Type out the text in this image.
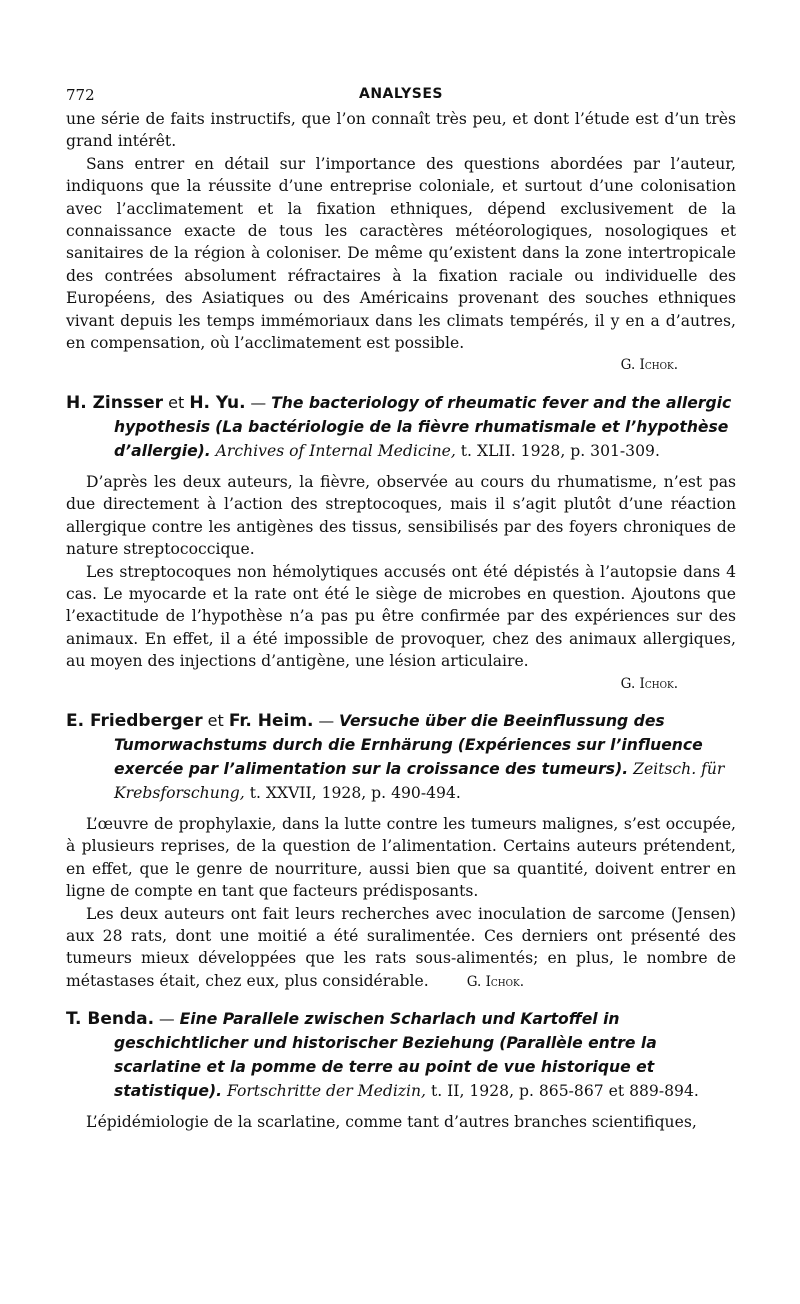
772	ANALYSES

une série de faits instructifs, que l’on connaît très peu, et dont l’étude est d’un très grand intérêt.

Sans entrer en détail sur l’importance des questions abordées par l’auteur, indiquons que la réussite d’une entreprise coloniale, et surtout d’une colonisation avec l’acclimatement et la fixation ethniques, dépend exclusivement de la connaissance exacte de tous les caractères météorologiques, nosologiques et sanitaires de la région à coloniser. De même qu’existent dans la zone intertropicale des contrées absolument réfractaires à la fixation raciale ou individuelle des Européens, des Asiatiques ou des Américains provenant des souches ethniques vivant depuis les temps immémoriaux dans les climats tempérés, il y en a d’autres, en compensation, où l’acclimatement est possible.

G. Ichok.
H. Zinsser et H. Yu. — The bacteriology of rheumatic fever and the allergic hypothesis (La bactériologie de la fièvre rhumatismale et l’hypothèse d’allergie). Archives of Internal Medicine, t. XLII. 1928, p. 301-309.

D’après les deux auteurs, la fièvre, observée au cours du rhumatisme, n’est pas due directement à l’action des streptocoques, mais il s’agit plutôt d’une réaction allergique contre les antigènes des tissus, sensibilisés par des foyers chroniques de nature streptococcique.

Les streptocoques non hémolytiques accusés ont été dépistés à l’autopsie dans 4 cas. Le myocarde et la rate ont été le siège de microbes en question. Ajoutons que l’exactitude de l’hypothèse n’a pas pu être confirmée par des expériences sur des animaux. En effet, il a été impossible de provoquer, chez des animaux allergiques, au moyen des injections d’antigène, une lésion articulaire.

G. Ichok.
E. Friedberger et Fr. Heim. — Versuche über die Beeinflussung des Tumorwachstums durch die Ernhärung (Expériences sur l’influence exercée par l’alimentation sur la croissance des tumeurs). Zeitsch. für Krebsforschung, t. XXVII, 1928, p. 490-494.

L’œuvre de prophylaxie, dans la lutte contre les tumeurs malignes, s’est occupée, à plusieurs reprises, de la question de l’alimentation. Certains auteurs prétendent, en effet, que le genre de nourriture, aussi bien que sa quantité, doivent entrer en ligne de compte en tant que facteurs prédisposants.

Les deux auteurs ont fait leurs recherches avec inoculation de sarcome (Jensen) aux 28 rats, dont une moitié a été suralimentée. Ces derniers ont présenté des tumeurs mieux développées que les rats sous-alimentés; en plus, le nombre de métastases était, chez eux, plus considérable.	G. Ichok.

T. Benda. — Eine Parallele zwischen Scharlach und Kartoffel in geschichtlicher und historischer Beziehung (Parallèle entre la scarlatine et la pomme de terre au point de vue historique et statistique). Fortschritte der Medizin, t. II, 1928, p. 865-867 et 889-894.

L’épidémiologie de la scarlatine, comme tant d’autres branches scientifiques,
